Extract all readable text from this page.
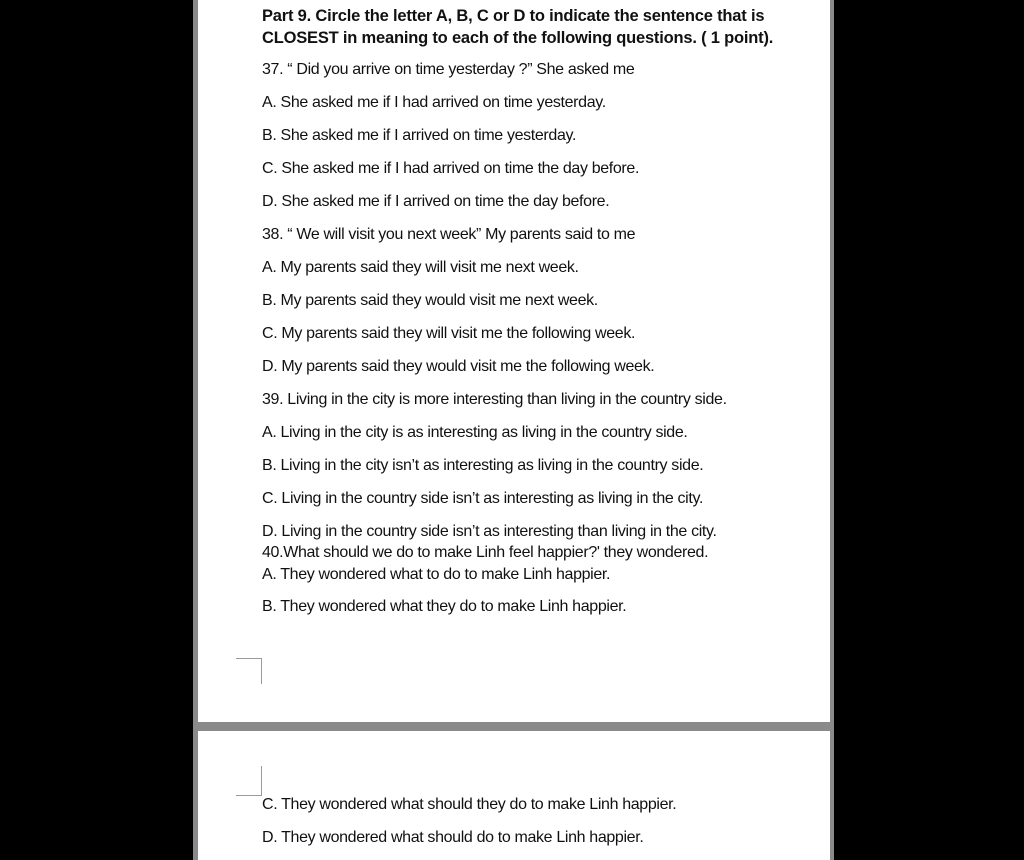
Part 9. Circle the letter A, B, C or D to indicate the sentence that is CLOSEST in meaning to each of the following questions. ( 1 point).
37. “ Did you arrive on time yesterday ?” She asked me
A. She asked me if I had arrived on time yesterday.
B. She asked me if I arrived on time yesterday.
C. She asked me if I had arrived on time the day before.
D. She asked me if I arrived on time the day before.
38. “ We will visit you next week” My parents said to me
A. My parents said they will visit me next week.
B. My parents said they would visit me next week.
C. My parents said they will visit me the following week.
D. My parents said they would visit me the following week.
39. Living in the city is more interesting than living in the country side.
A. Living in the city is as interesting as living in the country side.
B. Living in the city isn’t as interesting as living in the country side.
C. Living in the country side isn’t as interesting as living in the city.
D. Living in the country side isn’t as interesting than living in the city.
40.What should we do to make Linh feel happier?' they wondered.
A. They wondered what to do to make Linh happier.
B. They wondered what they do to make Linh happier.
C. They wondered what should they do to make Linh happier.
D. They wondered what should do to make Linh happier.
